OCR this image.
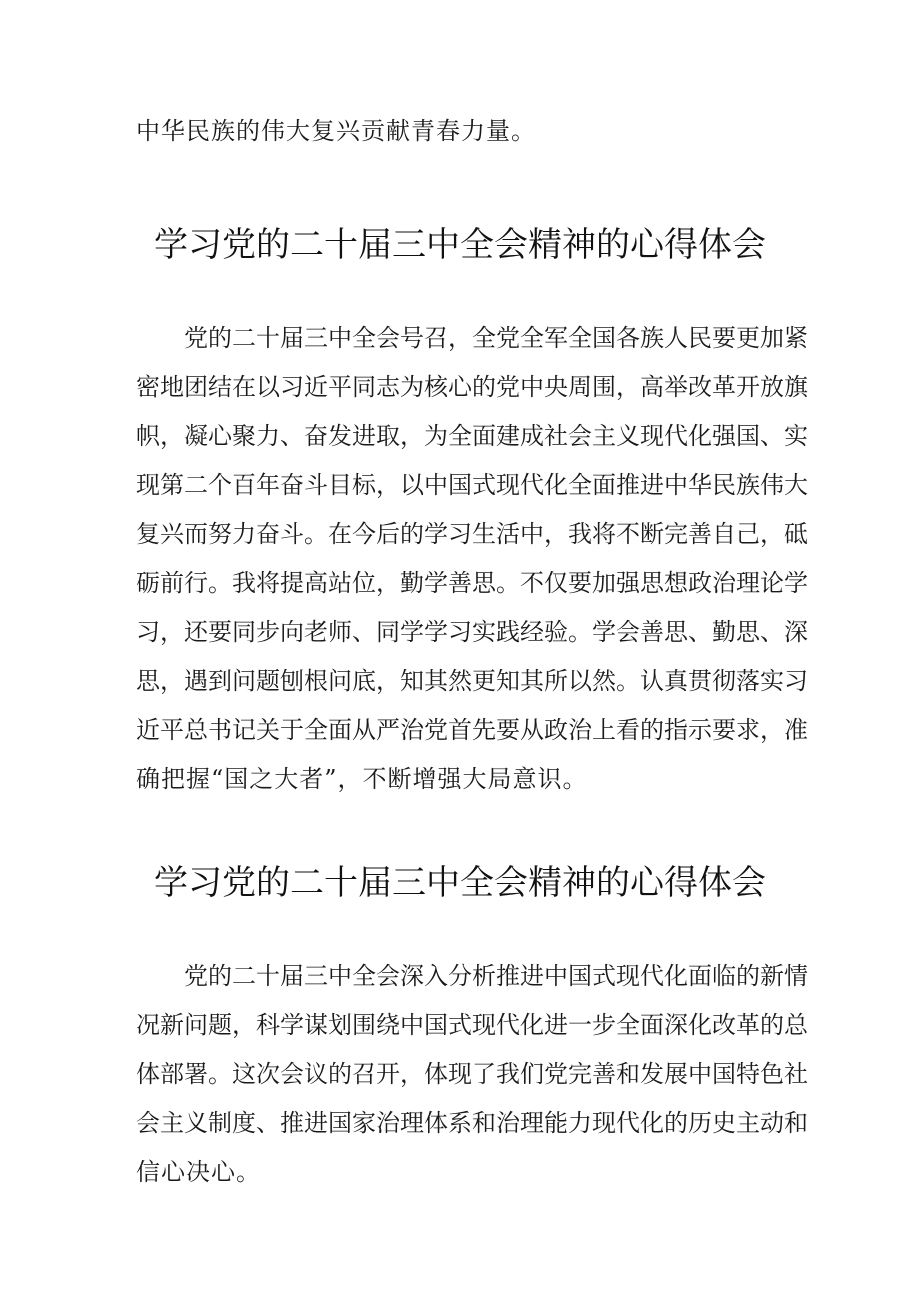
中华民族的伟大复兴贡献青春力量。
学习党的二十届三中全会精神的心得体会
党的二十届三中全会号召，全党全军全国各族人民要更加紧
密地团结在以习近平同志为核心的党中央周围，高举改革开放旗
帜，凝心聚力、奋发进取，为全面建成社会主义现代化强国、实
现第二个百年奋斗目标，以中国式现代化全面推进中华民族伟大
复兴而努力奋斗。在今后的学习生活中，我将不断完善自己，砥
砺前行。我将提高站位，勤学善思。不仅要加强思想政治理论学
习，还要同步向老师、同学学习实践经验。学会善思、勤思、深
思，遇到问题刨根问底，知其然更知其所以然。认真贯彻落实习
近平总书记关于全面从严治党首先要从政治上看的指示要求，准
确把握“国之大者”，不断增强大局意识。
学习党的二十届三中全会精神的心得体会
党的二十届三中全会深入分析推进中国式现代化面临的新情
况新问题，科学谋划围绕中国式现代化进一步全面深化改革的总
体部署。这次会议的召开，体现了我们党完善和发展中国特色社
会主义制度、推进国家治理体系和治理能力现代化的历史主动和
信心决心。
